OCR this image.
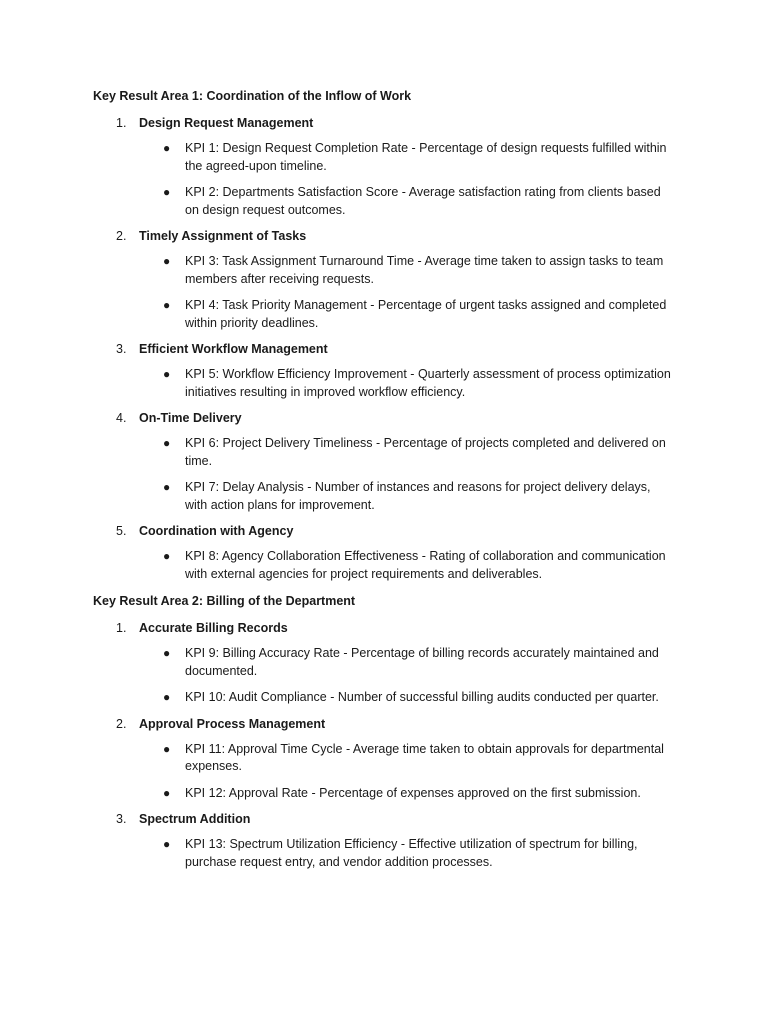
Key Result Area 1: Coordination of the Inflow of Work
1. Design Request Management
● KPI 1: Design Request Completion Rate - Percentage of design requests fulfilled within the agreed-upon timeline.
● KPI 2: Departments Satisfaction Score - Average satisfaction rating from clients based on design request outcomes.
2. Timely Assignment of Tasks
● KPI 3: Task Assignment Turnaround Time - Average time taken to assign tasks to team members after receiving requests.
● KPI 4: Task Priority Management - Percentage of urgent tasks assigned and completed within priority deadlines.
3. Efficient Workflow Management
● KPI 5: Workflow Efficiency Improvement - Quarterly assessment of process optimization initiatives resulting in improved workflow efficiency.
4. On-Time Delivery
● KPI 6: Project Delivery Timeliness - Percentage of projects completed and delivered on time.
● KPI 7: Delay Analysis - Number of instances and reasons for project delivery delays, with action plans for improvement.
5. Coordination with Agency
● KPI 8: Agency Collaboration Effectiveness - Rating of collaboration and communication with external agencies for project requirements and deliverables.
Key Result Area 2: Billing of the Department
1. Accurate Billing Records
● KPI 9: Billing Accuracy Rate - Percentage of billing records accurately maintained and documented.
● KPI 10: Audit Compliance - Number of successful billing audits conducted per quarter.
2. Approval Process Management
● KPI 11: Approval Time Cycle - Average time taken to obtain approvals for departmental expenses.
● KPI 12: Approval Rate - Percentage of expenses approved on the first submission.
3. Spectrum Addition
● KPI 13: Spectrum Utilization Efficiency - Effective utilization of spectrum for billing, purchase request entry, and vendor addition processes.
